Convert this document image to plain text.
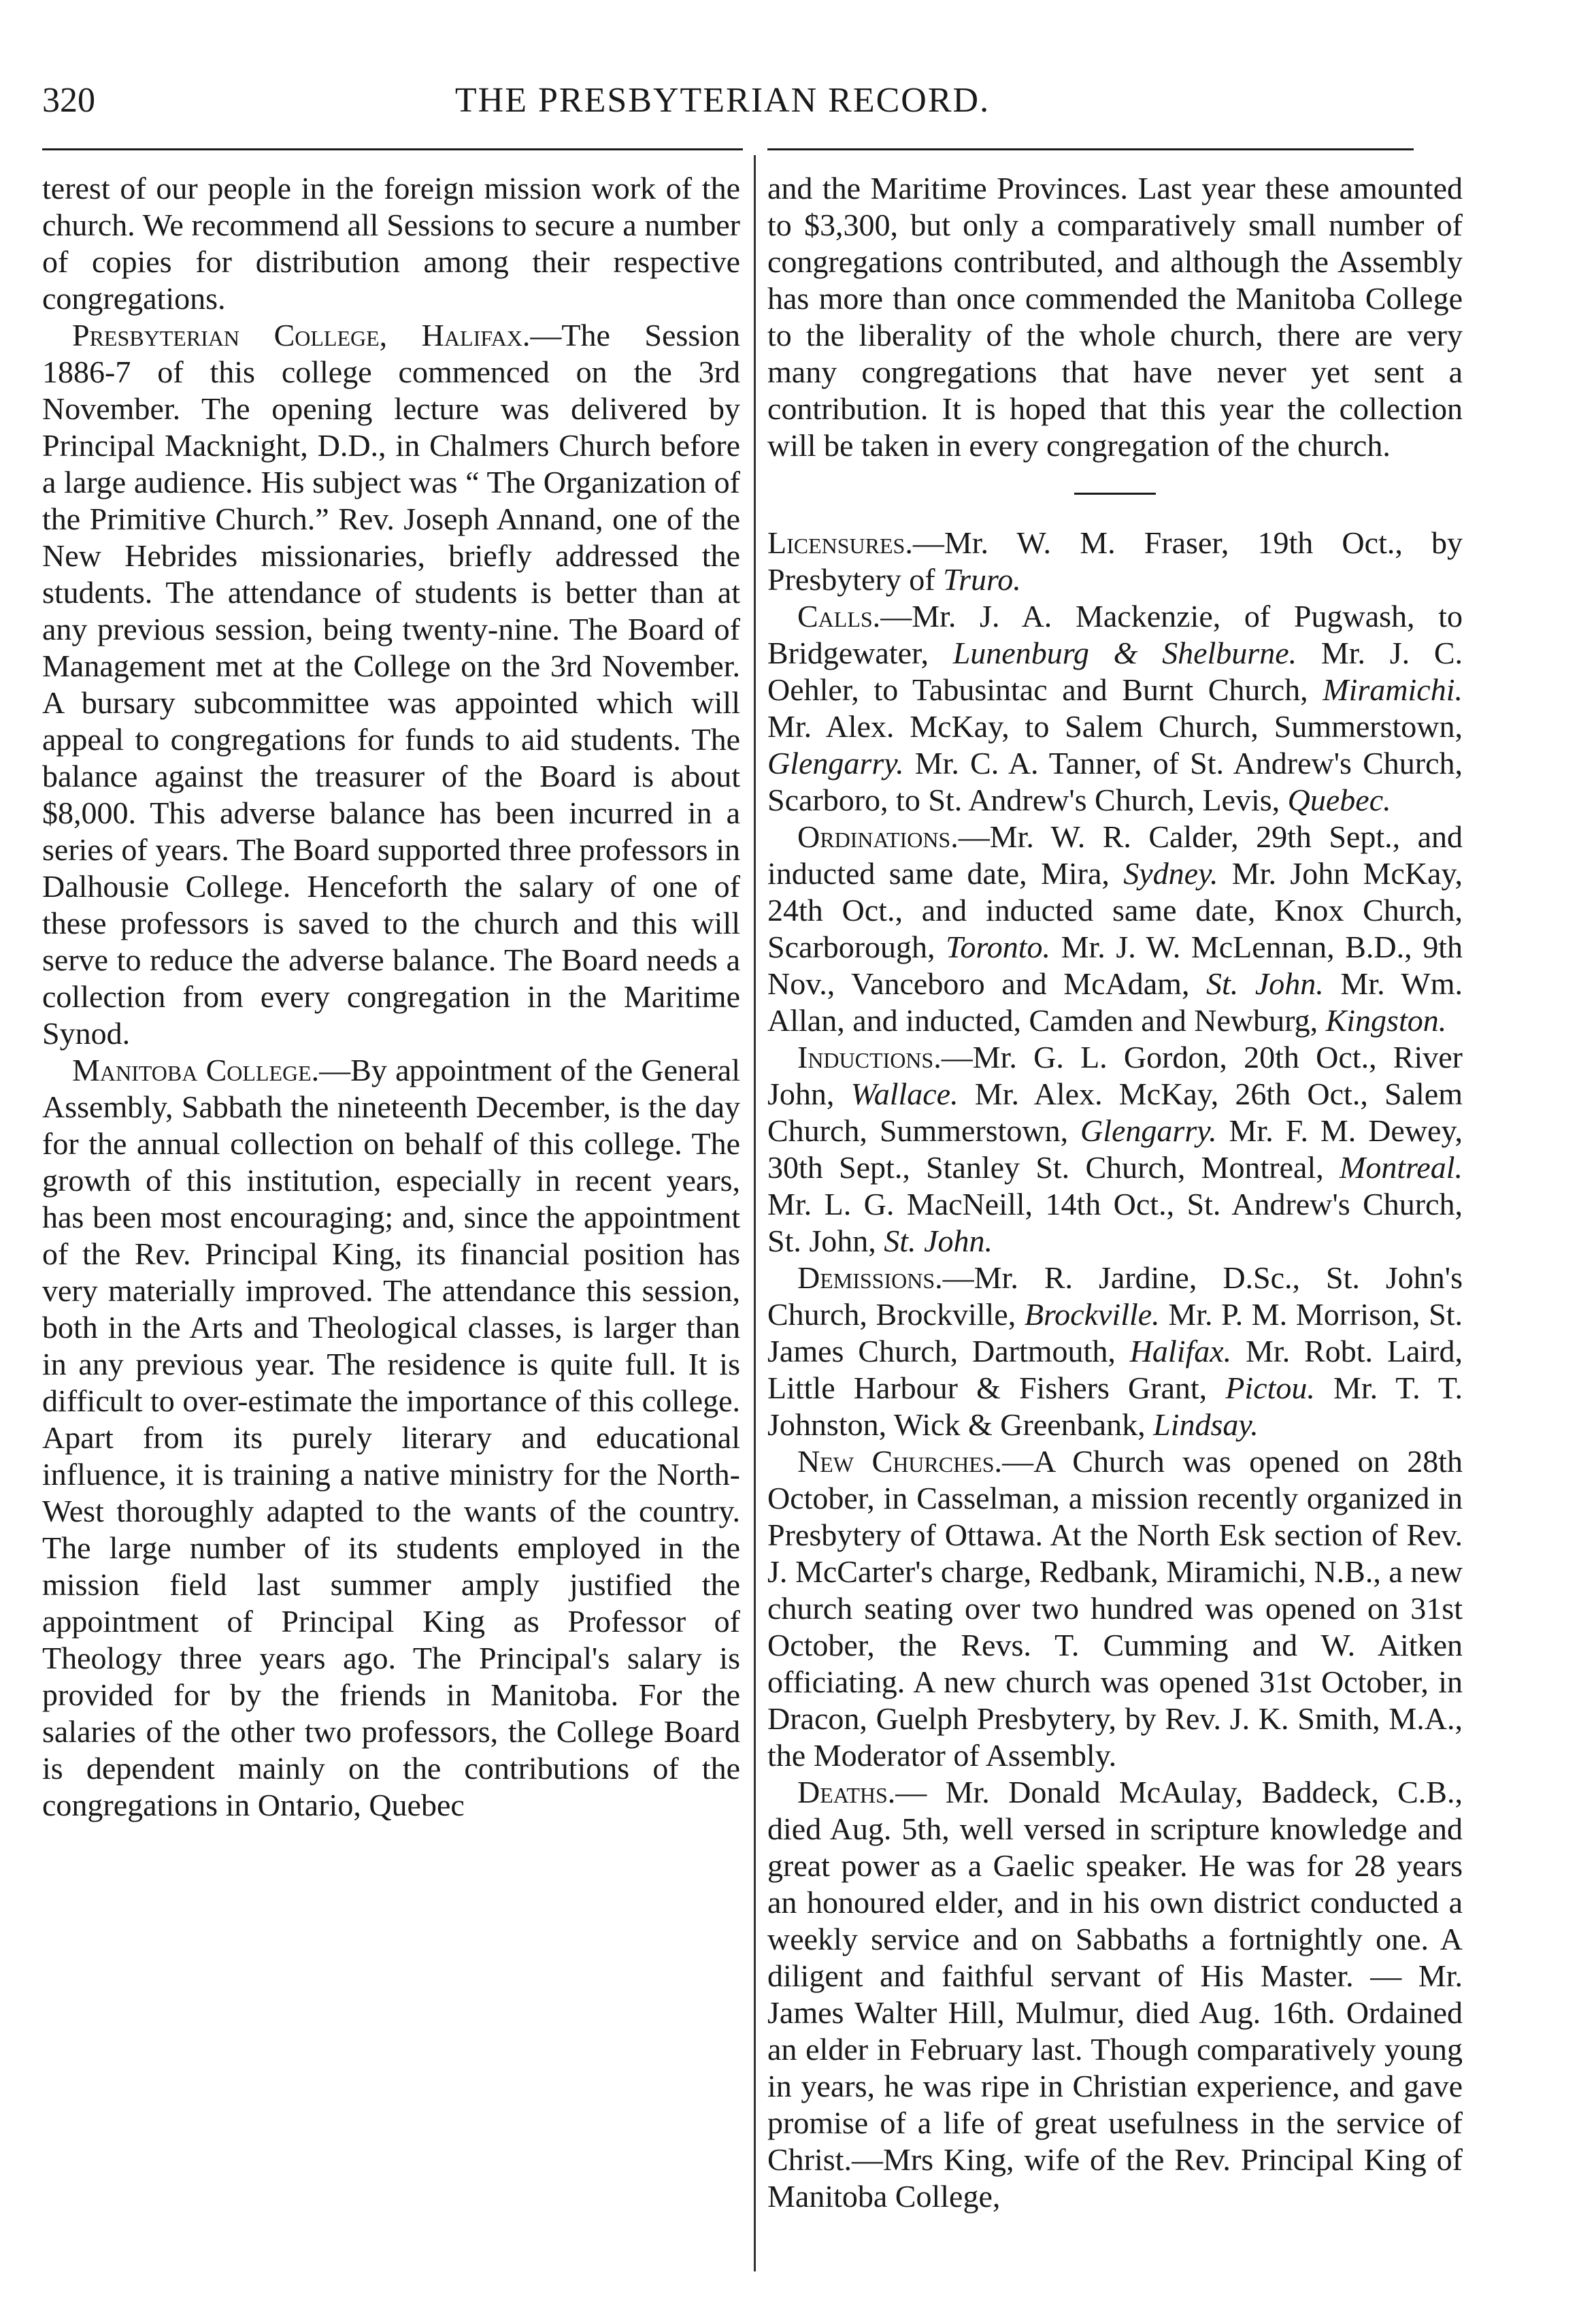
320	THE PRESBYTERIAN RECORD.

terest of our people in the foreign mission work of the church. We recommend all Sessions to secure a number of copies for distribution among their respective congregations.

Presbyterian College, Halifax.—The Session 1886-7 of this college commenced on the 3rd November. The opening lecture was delivered by Principal Macknight, D.D., in Chalmers Church before a large audience. His subject was “ The Organization of the Primitive Church.” Rev. Joseph Annand, one of the New Hebrides missionaries, briefly addressed the students. The attendance of students is better than at any previous session, being twenty-nine. The Board of Management met at the College on the 3rd November. A bursary subcommittee was appointed which will appeal to congregations for funds to aid students. The balance against the treasurer of the Board is about $8,000. This adverse balance has been incurred in a series of years. The Board supported three professors in Dalhousie College. Henceforth the salary of one of these professors is saved to the church and this will serve to reduce the adverse balance. The Board needs a collection from every congregation in the Maritime Synod.

Manitoba College.—By appointment of the General Assembly, Sabbath the nineteenth December, is the day for the annual collection on behalf of this college. The growth of this institution, especially in recent years, has been most encouraging; and, since the appointment of the Rev. Principal King, its financial position has very materially improved. The attendance this session, both in the Arts and Theological classes, is larger than in any previous year. The residence is quite full. It is difficult to over-estimate the importance of this college. Apart from its purely literary and educational influence, it is training a native ministry for the North-West thoroughly adapted to the wants of the country. The large number of its students employed in the mission field last summer amply justified the appointment of Principal King as Professor of Theology three years ago. The Principal's salary is provided for by the friends in Manitoba. For the salaries of the other two professors, the College Board is dependent mainly on the contributions of the congregations in Ontario, Quebec

and the Maritime Provinces. Last year these amounted to $3,300, but only a comparatively small number of congregations contributed, and although the Assembly has more than once commended the Manitoba College to the liberality of the whole church, there are very many congregations that have never yet sent a contribution. It is hoped that this year the collection will be taken in every congregation of the church.

Licensures.—Mr. W. M. Fraser, 19th Oct., by Presbytery of Truro.

Calls.—Mr. J. A. Mackenzie, of Pugwash, to Bridgewater, Lunenburg & Shelburne. Mr. J. C. Oehler, to Tabusintac and Burnt Church, Miramichi. Mr. Alex. McKay, to Salem Church, Summerstown, Glengarry. Mr. C. A. Tanner, of St. Andrew's Church, Scarboro, to St. Andrew's Church, Levis, Quebec.

Ordinations.—Mr. W. R. Calder, 29th Sept., and inducted same date, Mira, Sydney. Mr. John McKay, 24th Oct., and inducted same date, Knox Church, Scarborough, Toronto. Mr. J. W. McLennan, B.D., 9th Nov., Vanceboro and McAdam, St. John. Mr. Wm. Allan, and inducted, Camden and Newburg, Kingston.

Inductions.—Mr. G. L. Gordon, 20th Oct., River John, Wallace. Mr. Alex. McKay, 26th Oct., Salem Church, Summerstown, Glengarry. Mr. F. M. Dewey, 30th Sept., Stanley St. Church, Montreal, Montreal. Mr. L. G. MacNeill, 14th Oct., St. Andrew's Church, St. John, St. John.

Demissions.—Mr. R. Jardine, D.Sc., St. John's Church, Brockville, Brockville. Mr. P. M. Morrison, St. James Church, Dartmouth, Halifax. Mr. Robt. Laird, Little Harbour & Fishers Grant, Pictou. Mr. T. T. Johnston, Wick & Greenbank, Lindsay.

New Churches.—A Church was opened on 28th October, in Casselman, a mission recently organized in Presbytery of Ottawa. At the North Esk section of Rev. J. McCarter's charge, Redbank, Miramichi, N.B., a new church seating over two hundred was opened on 31st October, the Revs. T. Cumming and W. Aitken officiating. A new church was opened 31st October, in Dracon, Guelph Presbytery, by Rev. J. K. Smith, M.A., the Moderator of Assembly.

Deaths.— Mr. Donald McAulay, Baddeck, C.B., died Aug. 5th, well versed in scripture knowledge and great power as a Gaelic speaker. He was for 28 years an honoured elder, and in his own district conducted a weekly service and on Sabbaths a fortnightly one. A diligent and faithful servant of His Master. — Mr. James Walter Hill, Mulmur, died Aug. 16th. Ordained an elder in February last. Though comparatively young in years, he was ripe in Christian experience, and gave promise of a life of great usefulness in the service of Christ.—Mrs King, wife of the Rev. Principal King of Manitoba College,
